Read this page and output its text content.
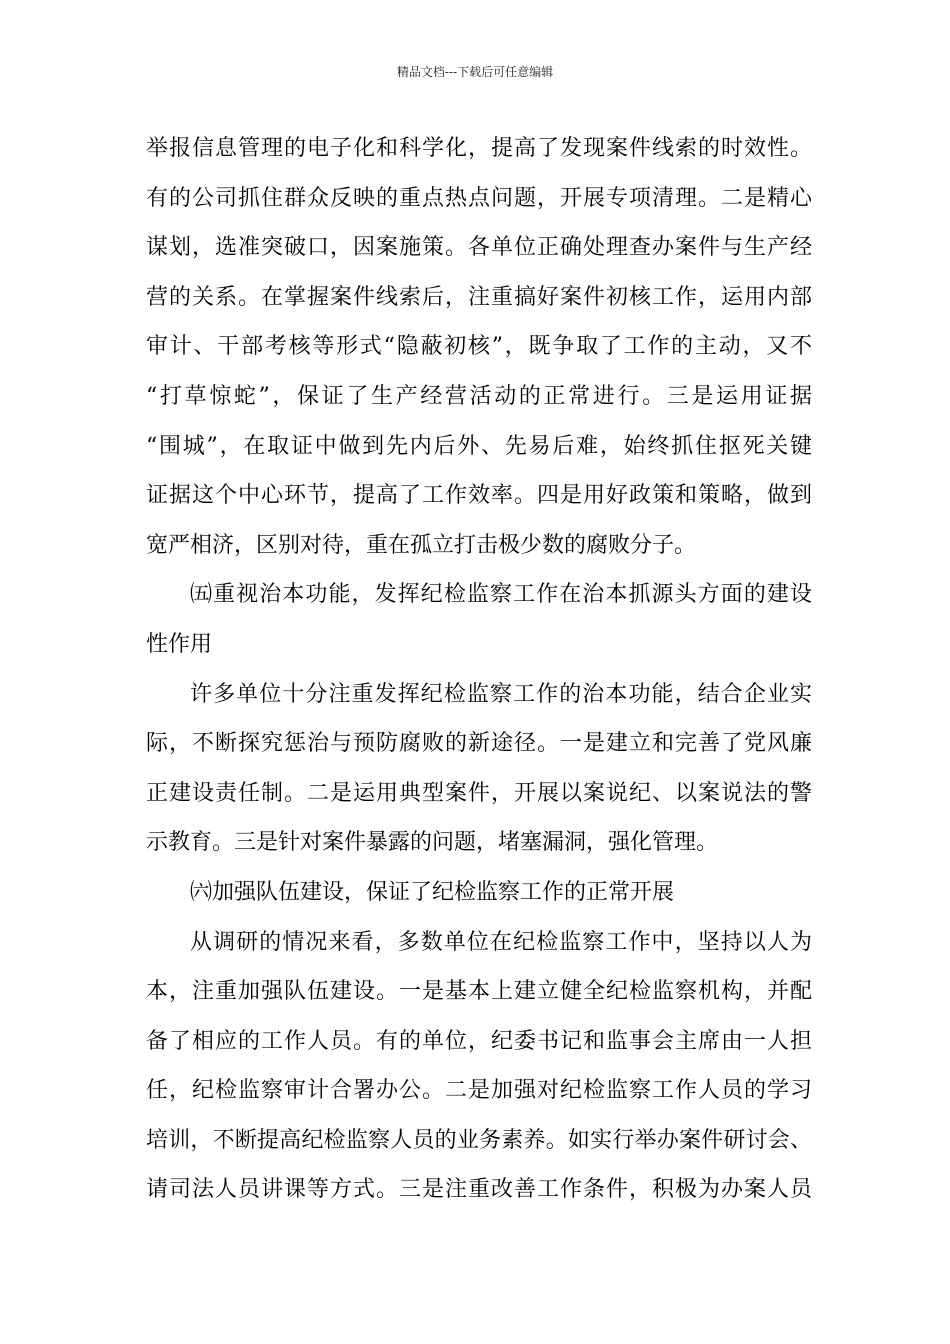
精品文档---下载后可任意编辑
举报信息管理的电子化和科学化，提高了发现案件线索的时效性。
有的公司抓住群众反映的重点热点问题，开展专项清理。二是精心
谋划，选准突破口，因案施策。各单位正确处理查办案件与生产经
营的关系。在掌握案件线索后，注重搞好案件初核工作，运用内部
审计、干部考核等形式“隐蔽初核”，既争取了工作的主动，又不
“打草惊蛇”，保证了生产经营活动的正常进行。三是运用证据
“围城”，在取证中做到先内后外、先易后难，始终抓住抠死关键
证据这个中心环节，提高了工作效率。四是用好政策和策略，做到
宽严相济，区别对待，重在孤立打击极少数的腐败分子。
㈤重视治本功能，发挥纪检监察工作在治本抓源头方面的建设
性作用
许多单位十分注重发挥纪检监察工作的治本功能，结合企业实
际，不断探究惩治与预防腐败的新途径。一是建立和完善了党风廉
正建设责任制。二是运用典型案件，开展以案说纪、以案说法的警
示教育。三是针对案件暴露的问题，堵塞漏洞，强化管理。
㈥加强队伍建设，保证了纪检监察工作的正常开展
从调研的情况来看，多数单位在纪检监察工作中，坚持以人为
本，注重加强队伍建设。一是基本上建立健全纪检监察机构，并配
备了相应的工作人员。有的单位，纪委书记和监事会主席由一人担
任，纪检监察审计合署办公。二是加强对纪检监察工作人员的学习
培训，不断提高纪检监察人员的业务素养。如实行举办案件研讨会、
请司法人员讲课等方式。三是注重改善工作条件，积极为办案人员
